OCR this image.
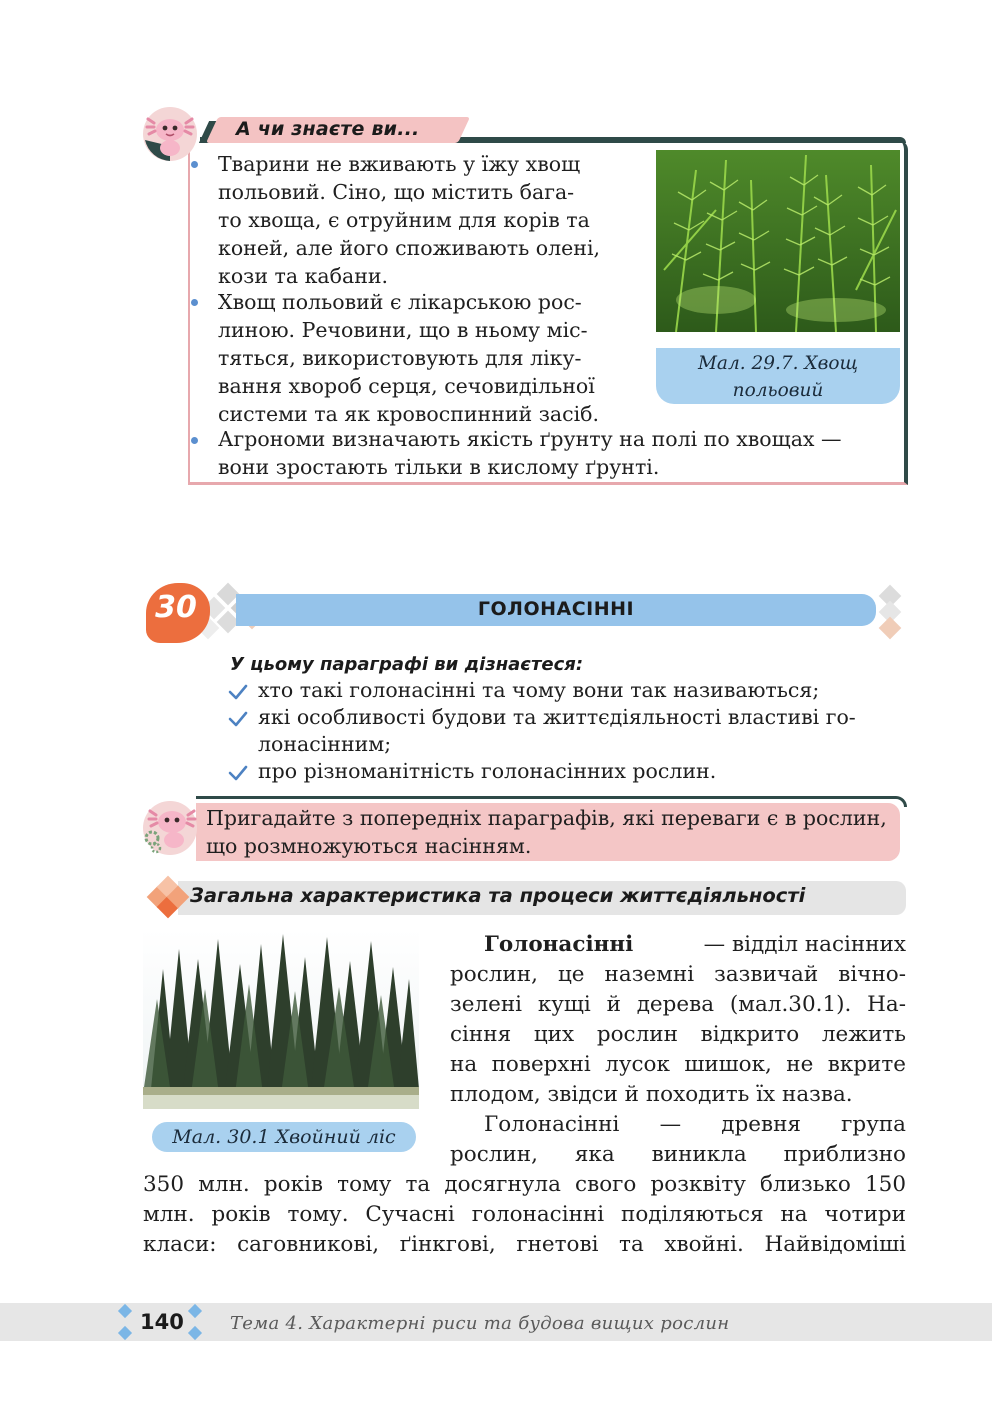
А чи знаєте ви...
Тварини не вживають у їжу хвощ
польовий. Сіно, що містить бага-
то хвоща, є отруйним для корів та
коней, але його споживають олені,
кози та кабани.
Хвощ польовий є лікарською рос-
линою. Речовини, що в ньому міс-
тяться, використовують для ліку-
вання хвороб серця, сечовидільної
системи та як кровоспинний засіб.
Агрономи визначають якість ґрунту на полі по хвощах —
вони зростають тільки в кислому ґрунті.
Мал. 29.7. Хвощ
польовий
ГОЛОНАСІННІ
30
У цьому параграфі ви дізнаєтеся:
хто такі голонасінні та чому вони так називаються;
які особливості будови та життєдіяльності властиві го-
лонасінним;
про різноманітність голонасінних рослин.
Пригадайте з попередніх параграфів, які переваги є в рослин,
що розмножуються насінням.
Загальна характеристика та процеси життєдіяльності
Мал. 30.1 Хвойний ліс
Голонасінні	— відділ насінних
рослин, це наземні зазвичай вічно-
зелені кущі й дерева (мал.30.1). На-
сіння цих рослин відкрито лежить
на поверхні лусок шишок, не вкрите
плодом, звідси й походить їх назва.
Голонасінні — древня група
рослин, яка виникла приблизно
350 млн. років тому та досягнула свого розквіту близько 150
млн. років тому. Сучасні голонасінні поділяються на чотири
класи: саговникові, ґінкгові, гнетові та хвойні. Найвідоміші
140	Тема 4. Характерні риси та будова вищих рослин
